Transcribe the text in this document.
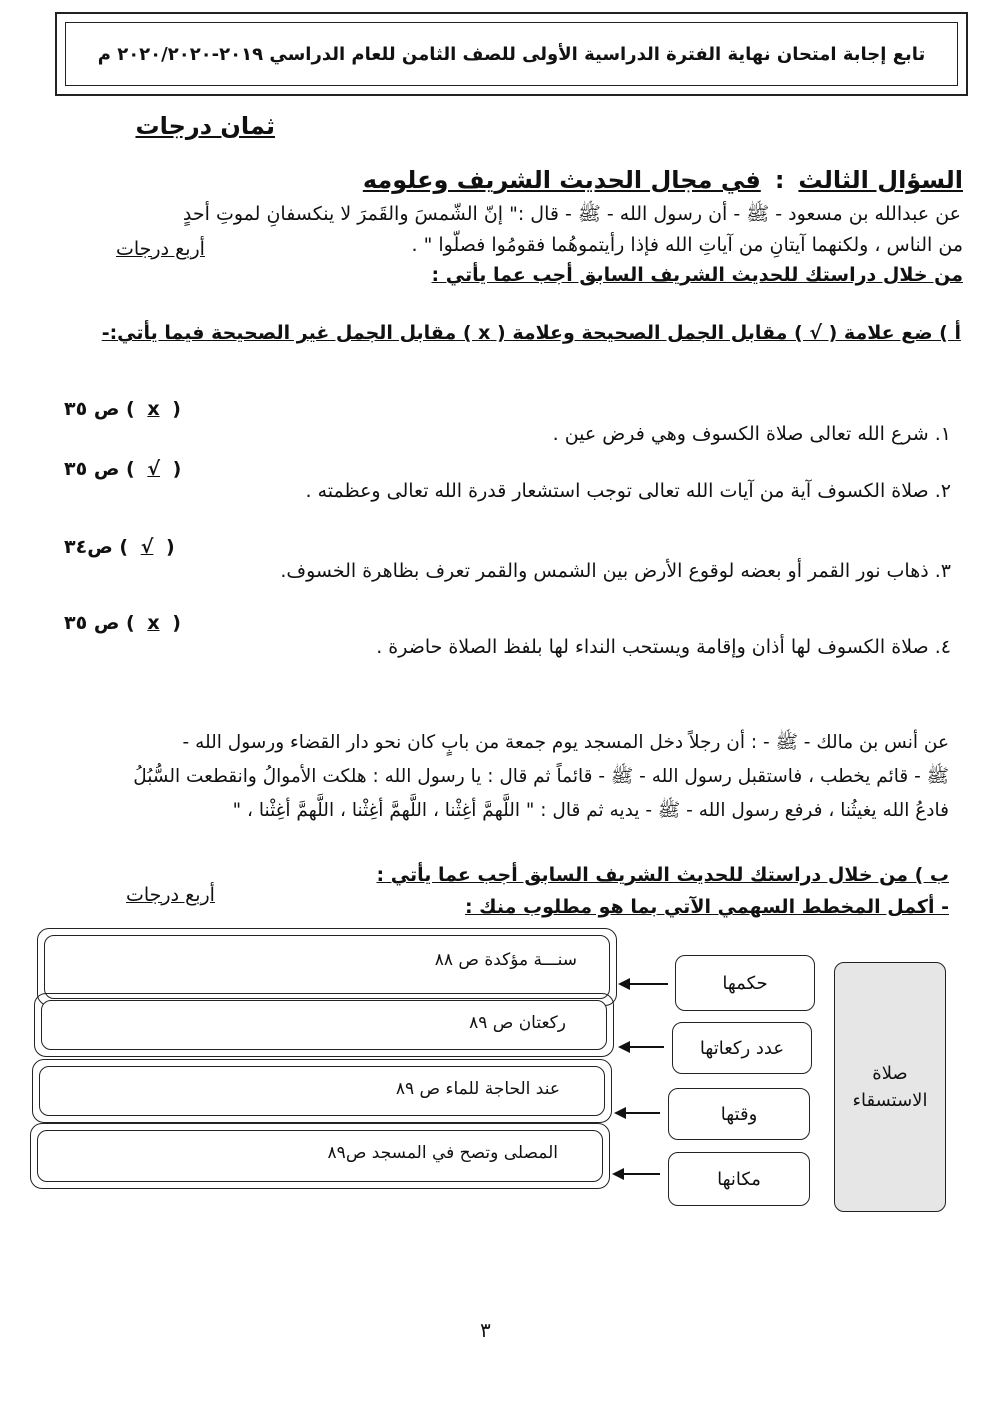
تابع إجابة امتحان نهاية الفترة الدراسية الأولى للصف الثامن للعام الدراسي ٢٠١٩-٢٠٢٠/٢٠٢٠ م
ثمان درجات
السؤال الثالث
:
في مجال الحديث الشريف وعلومه
عن عبدالله بن مسعود - ﷺ - أن رسول الله - ﷺ - قال :" إنّ الشّمسَ والقَمرَ لا ينكسفانِ لموتِ أحدٍ
من الناس ، ولكنهما آيتانِ من آياتِ الله فإذا رأيتموهُما فقومُوا فصلّوا " .
من خلال دراستك للحديث الشريف السابق أجب عما يأتي :
أربع درجات
أ ) ضع علامة ( √ ) مقابل الجمل الصحيحة وعلامة ( x ) مقابل الجمل غير الصحيحة فيما يأتي:-
١. شرع الله تعالى صلاة الكسوف وهي فرض عين .
ص ٣٥ ( x )
٢. صلاة الكسوف آية من آيات الله تعالى توجب استشعار قدرة الله تعالى وعظمته .
ص ٣٥ ( √ )
٣. ذهاب نور القمر أو بعضه لوقوع الأرض بين الشمس والقمر تعرف بظاهرة الخسوف.
ص٣٤ ( √ )
٤. صلاة الكسوف لها أذان وإقامة ويستحب النداء لها بلفظ الصلاة حاضرة .
ص ٣٥ ( x )
عن أنس بن مالك - ﷺ - : أن رجلاً دخل المسجد يوم جمعة من بابٍ كان نحو دار القضاء ورسول الله -
ﷺ - قائم يخطب ، فاستقبل رسول الله - ﷺ - قائماً ثم قال : يا رسول الله : هلكت الأموالُ وانقطعت السُّبُلُ
فادعُ الله يغيثُنا ، فرفع رسول الله - ﷺ - يديه ثم قال : " اللَّهمَّ أغِثْنا ، اللَّهمَّ أغِثْنا ، اللَّهمَّ أغِثْنا ، "
ب ) من خلال دراستك للحديث الشريف السابق أجب عما يأتي :
- أكمل المخطط السهمي الآتي بما هو مطلوب منك :
أربع درجات
صلاة الاستسقاء
حكمها
سنـــة مؤكدة ص ٨٨
عدد ركعاتها
ركعتان ص ٨٩
وقتها
عند الحاجة للماء ص ٨٩
مكانها
المصلى وتصح في المسجد ص٨٩
٣
